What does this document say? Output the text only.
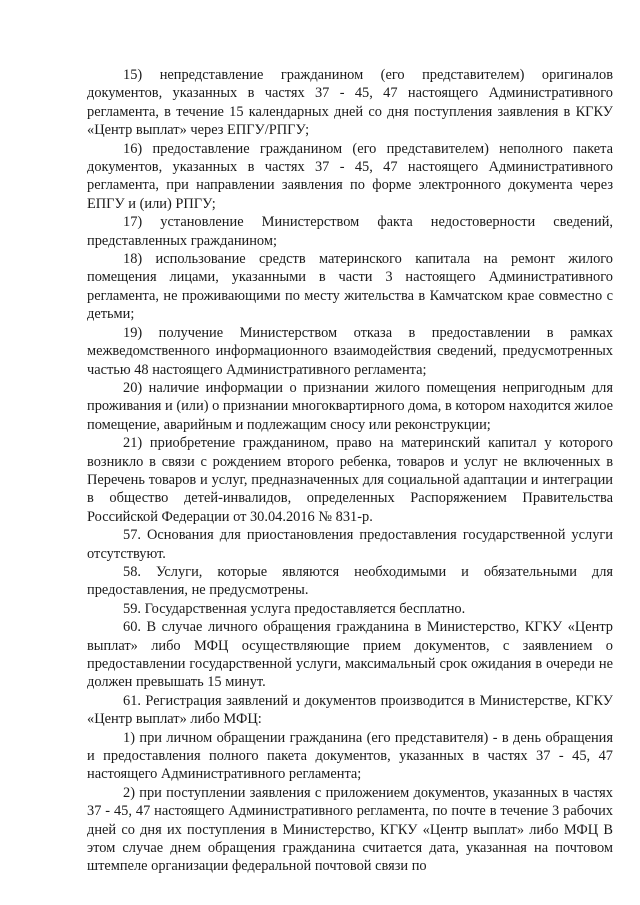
15) непредставление гражданином (его представителем) оригиналов документов, указанных в частях 37 - 45, 47 настоящего Административного регламента, в течение 15 календарных дней со дня поступления заявления в КГКУ «Центр выплат» через ЕПГУ/РПГУ;

16) предоставление гражданином (его представителем) неполного пакета документов, указанных в частях 37 - 45, 47 настоящего Административного регламента, при направлении заявления по форме электронного документа через ЕПГУ и (или) РПГУ;

17) установление Министерством факта недостоверности сведений, представленных гражданином;

18) использование средств материнского капитала на ремонт жилого помещения лицами, указанными в части 3 настоящего Административного регламента, не проживающими по месту жительства в Камчатском крае совместно с детьми;

19) получение Министерством отказа в предоставлении в рамках межведомственного информационного взаимодействия сведений, предусмотренных частью 48 настоящего Административного регламента;

20) наличие информации о признании жилого помещения непригодным для проживания и (или) о признании многоквартирного дома, в котором находится жилое помещение, аварийным и подлежащим сносу или реконструкции;

21) приобретение гражданином, право на материнский капитал у которого возникло в связи с рождением второго ребенка, товаров и услуг не включенных в Перечень товаров и услуг, предназначенных для социальной адаптации и интеграции в общество детей-инвалидов, определенных Распоряжением Правительства Российской Федерации от 30.04.2016 № 831-р.

57. Основания для приостановления предоставления государственной услуги отсутствуют.

58. Услуги, которые являются необходимыми и обязательными для предоставления, не предусмотрены.

59. Государственная услуга предоставляется бесплатно.

60. В случае личного обращения гражданина в Министерство, КГКУ «Центр выплат» либо МФЦ осуществляющие прием документов, с заявлением о предоставлении государственной услуги, максимальный срок ожидания в очереди не должен превышать 15 минут.

61. Регистрация заявлений и документов производится в Министерстве, КГКУ «Центр выплат» либо МФЦ:

1) при личном обращении гражданина (его представителя) - в день обращения и предоставления полного пакета документов, указанных в частях 37 - 45, 47 настоящего Административного регламента;

2) при поступлении заявления с приложением документов, указанных в частях 37 - 45, 47 настоящего Административного регламента, по почте в течение 3 рабочих дней со дня их поступления в Министерство, КГКУ «Центр выплат» либо МФЦ В этом случае днем обращения гражданина считается дата, указанная на почтовом штемпеле организации федеральной почтовой связи по
